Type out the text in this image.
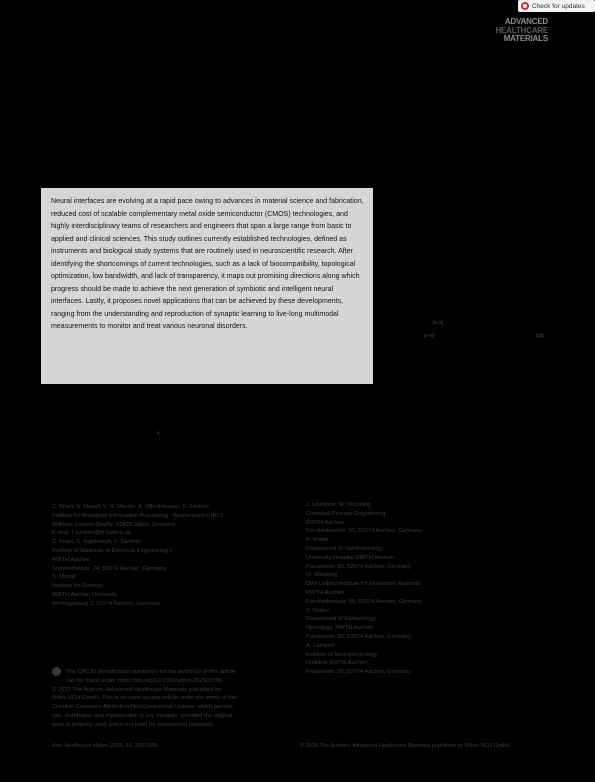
Check for updates
ADVANCED
HEALTHCARE
MATERIALS

Neural interfaces are evolving at a rapid pace owing to advances in material science and fabrication, reduced cost of scalable complementary metal oxide semiconductor (CMOS) technologies, and highly interdisciplinary teams of researchers and engineers that span a large range from basic to applied and clinical sciences. This study outlines currently established technologies, defined as instruments and biological study systems that are routinely used in neuroscientific research. After identifying the shortcomings of current technologies, such as a lack of biocompatibility, topological optimization, low bandwidth, and lack of transparency, it maps out promising directions along which progress should be made to achieve the next generation of symbiotic and intelligent neural interfaces. Lastly, it proposes novel applications that can be achieved by these developments, ranging from the understanding and reproduction of synaptic learning to live-long multimodal measurements to monitor and treat various neuronal disorders.

[1–3]
[4–6]	[10]
a
C. Frant, S. Musall, V. R. Mentor, A. Offenhäusser, F. Santoro
Institute for Biological Information Processing - Bioelectronics IBI-3
Wilhelm-Johnen-Straße, 52428 Jülich, Germany
E-mail: f.santoro@fz-juelich.de
C. Frant, S. Ingebrandt, F. Santoro
Institute of Materials in Electrical Engineering 1
RWTH Aachen
Sommerfeldstr. 24, 52074 Aachen, Germany
S. Musall
Institute for Zoology
RWTH Aachen University
Worringerweg 3, 52074 Aachen, Germany
J. Linkhorst, M. Wessling
Chemical Process Engineering
RWTH Aachen
Forckenbeckstr. 51, 52074 Aachen, Germany
P. Walter
Department of Ophthalmology
University Hospital RWTH Aachen
Pauwelsstr. 30, 52074 Aachen, Germany
M. Wessling
DWI Leibniz Institute for Interactive Materials
RWTH Aachen
Forckenbeckstr. 50, 52074 Aachen, Germany
Y. Weber
Department of Epileptology
Neurology, RWTH Aachen
Pauwelsstr. 30, 52074 Aachen, Germany
A. Lampert
Institute of Neurophysiology
Uniklinik RWTH Aachen
Pauwelsstr. 30, 52074 Aachen, Germany
The ORCID identification number(s) for the author(s) of this article
can be found under https://doi.org/10.1002/adhm.202501098
© 2025 The Authors. Advanced Healthcare Materials published by
Wiley-VCH GmbH. This is an open access article under the terms of the
Creative Commons Attribution-NonCommercial License, which permits
use, distribution and reproduction in any medium, provided the original
work is properly cited and is not used for commercial purposes.
Adv. Healthcare Mater. 2025, 15, 2501098	© 2025 The Authors. Advanced Healthcare Materials published by Wiley-VCH GmbH
